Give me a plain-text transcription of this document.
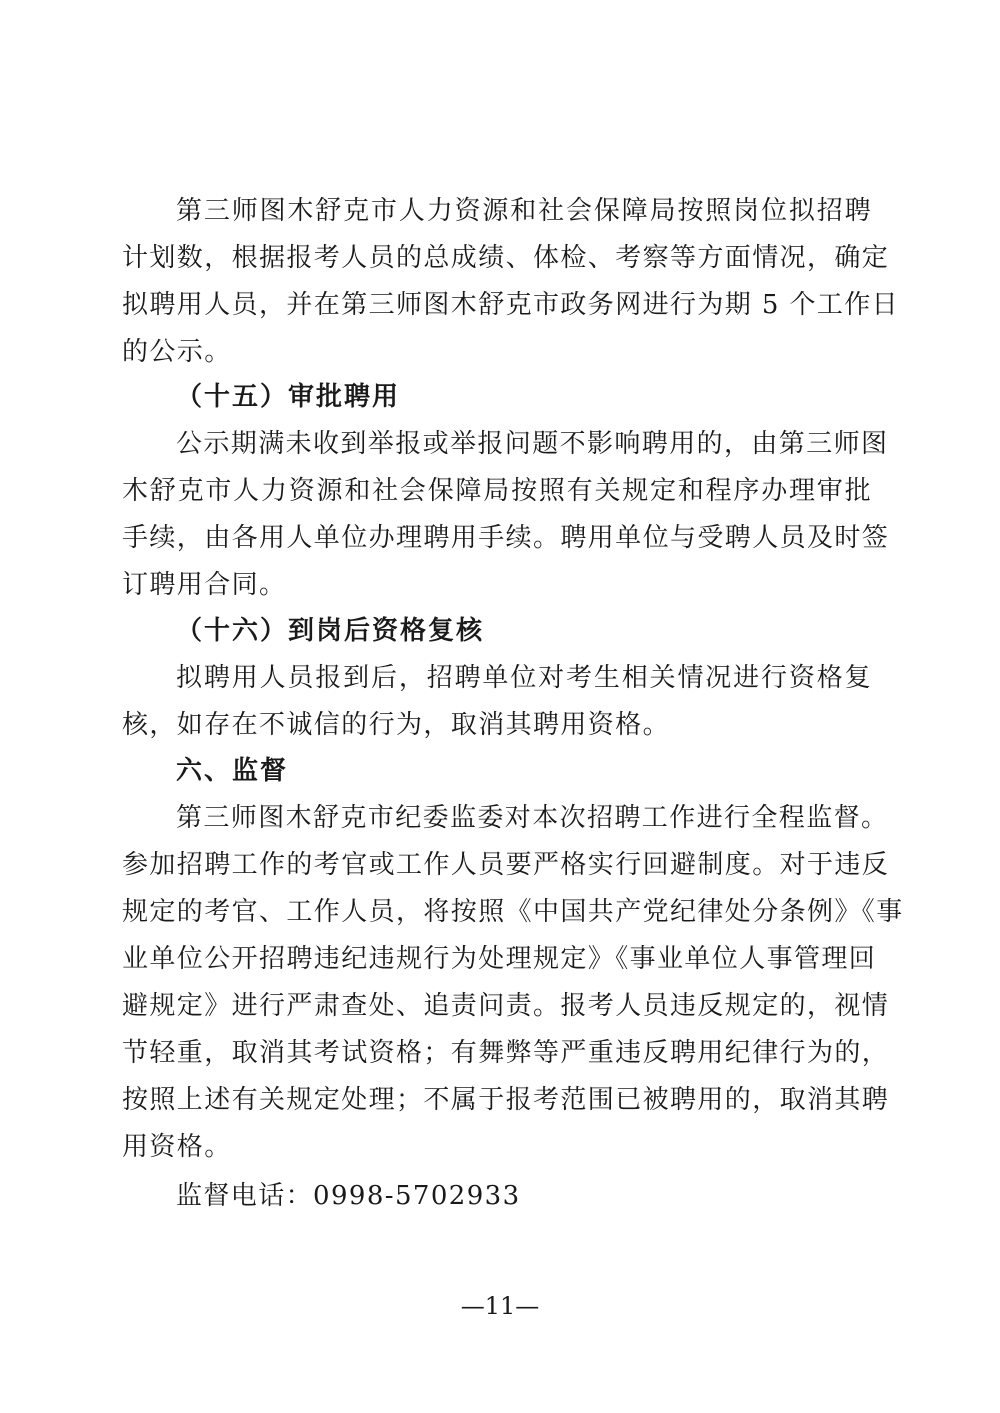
第三师图木舒克市人力资源和社会保障局按照岗位拟招聘
计划数，根据报考人员的总成绩、体检、考察等方面情况，确定
拟聘用人员，并在第三师图木舒克市政务网进行为期 5 个工作日
的公示。
（十五）审批聘用
公示期满未收到举报或举报问题不影响聘用的，由第三师图
木舒克市人力资源和社会保障局按照有关规定和程序办理审批
手续，由各用人单位办理聘用手续。聘用单位与受聘人员及时签
订聘用合同。
（十六）到岗后资格复核
拟聘用人员报到后，招聘单位对考生相关情况进行资格复
核，如存在不诚信的行为，取消其聘用资格。
六、监督
第三师图木舒克市纪委监委对本次招聘工作进行全程监督。
参加招聘工作的考官或工作人员要严格实行回避制度。对于违反
规定的考官、工作人员，将按照《中国共产党纪律处分条例》《事
业单位公开招聘违纪违规行为处理规定》《事业单位人事管理回
避规定》进行严肃查处、追责问责。报考人员违反规定的，视情
节轻重，取消其考试资格；有舞弊等严重违反聘用纪律行为的，
按照上述有关规定处理；不属于报考范围已被聘用的，取消其聘
用资格。
监督电话：0998-5702933
—11—
